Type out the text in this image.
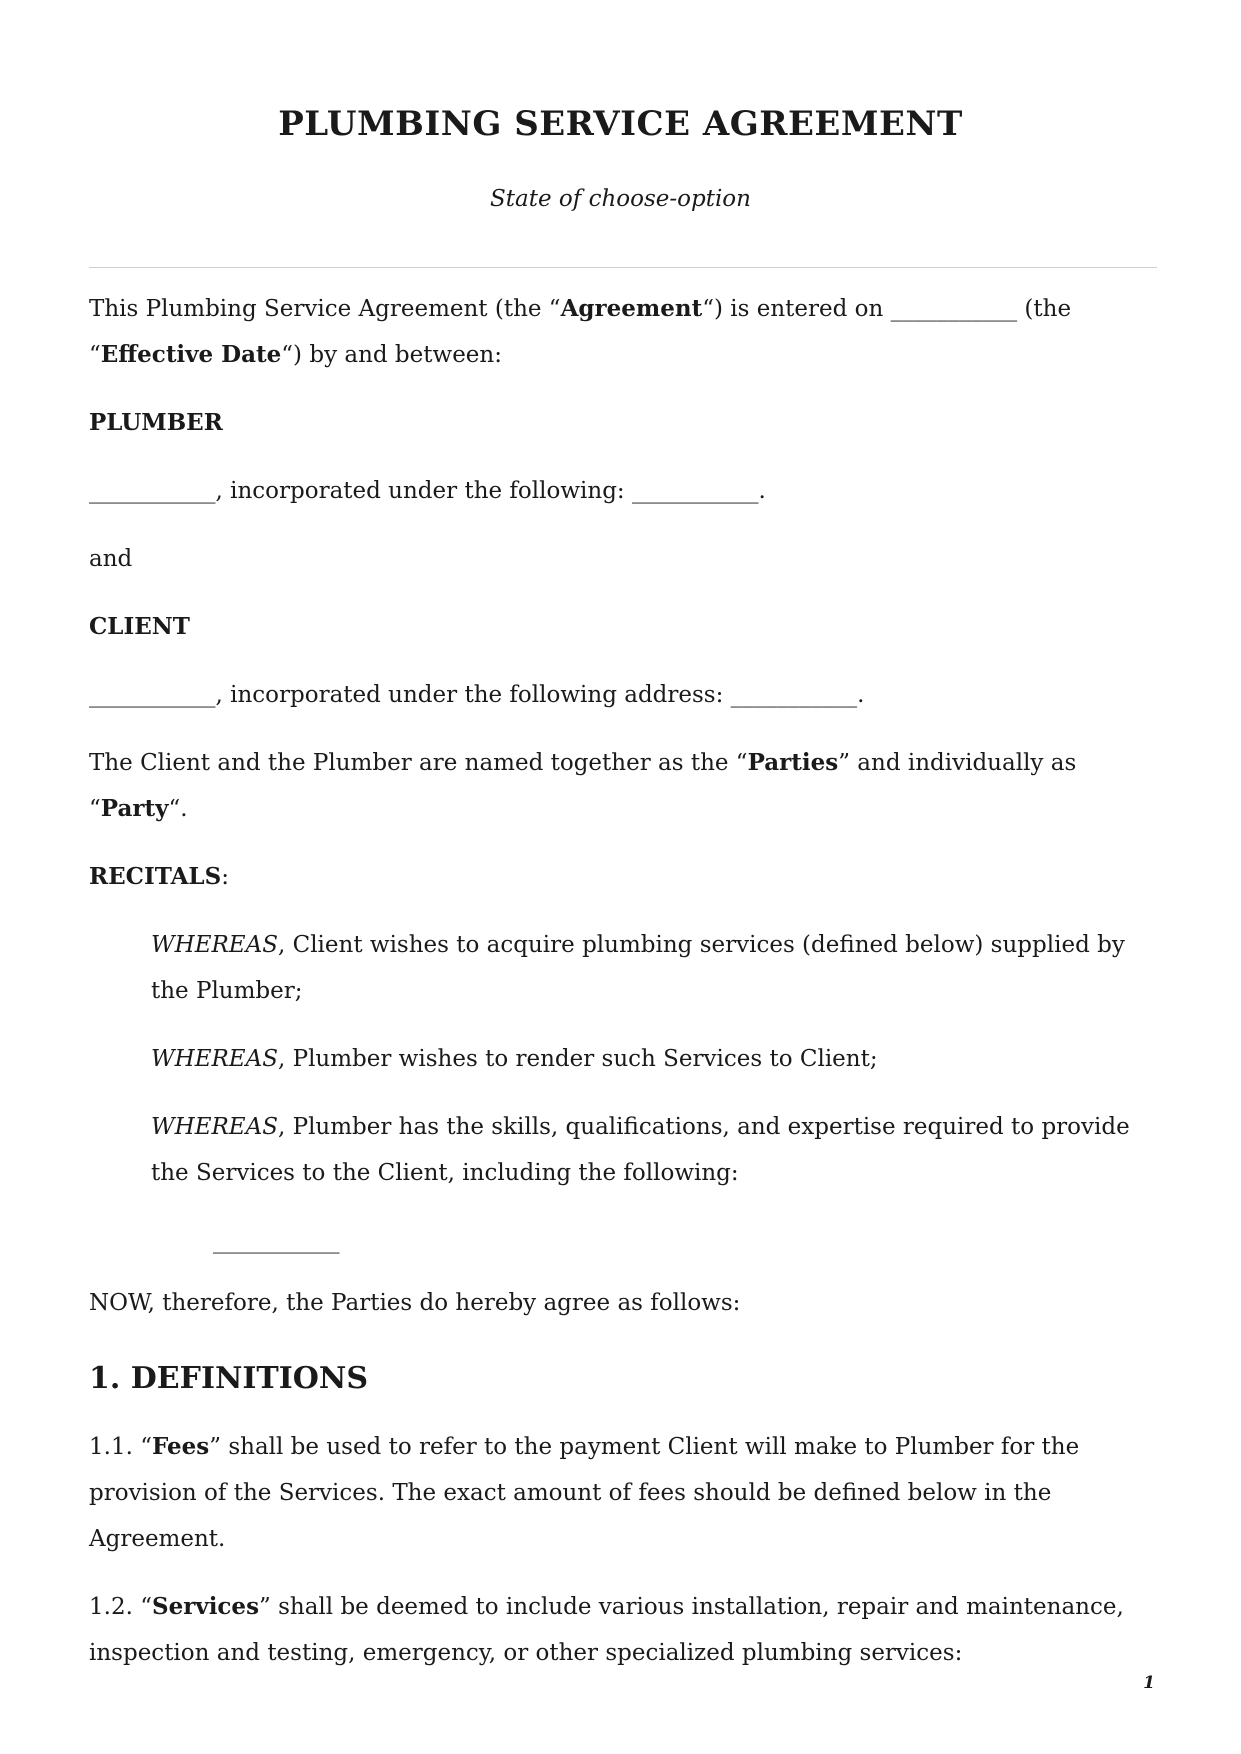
PLUMBING SERVICE AGREEMENT
State of choose-option

This Plumbing Service Agreement (the “Agreement“) is entered on ___________ (the “Effective Date“) by and between:

PLUMBER

___________, incorporated under the following: ___________.

and

CLIENT

___________, incorporated under the following address: ___________.

The Client and the Plumber are named together as the “Parties” and individually as “Party“.

RECITALS:

WHEREAS, Client wishes to acquire plumbing services (defined below) supplied by the Plumber;

WHEREAS, Plumber wishes to render such Services to Client;

WHEREAS, Plumber has the skills, qualifications, and expertise required to provide the Services to the Client, including the following:

___________

NOW, therefore, the Parties do hereby agree as follows:

1. DEFINITIONS

1.1. “Fees” shall be used to refer to the payment Client will make to Plumber for the provision of the Services. The exact amount of fees should be defined below in the Agreement.

1.2. “Services” shall be deemed to include various installation, repair and maintenance, inspection and testing, emergency, or other specialized plumbing services:

1
